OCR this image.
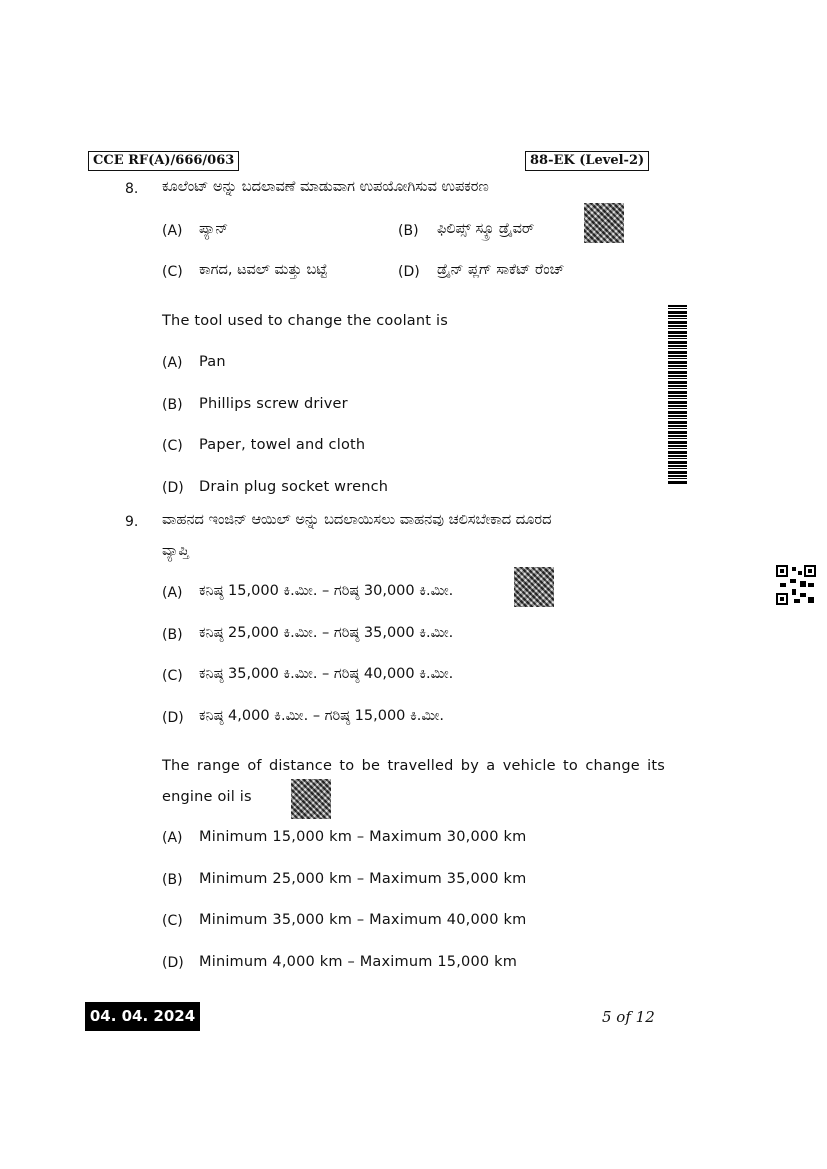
CCE RF(A)/666/063	88-EK (Level-2)
8. ಕೂಲೆಂಟ್ ಅನ್ನು ಬದಲಾವಣೆ ಮಾಡುವಾಗ ಉಪಯೋಗಿಸುವ ಉಪಕರಣ
(A) ಪ್ಯಾನ್	(B) ಫಿಲಿಪ್ಸ್ ಸ್ಕ್ರೂ ಡ್ರೈವರ್
(C) ಕಾಗದ, ಟವಲ್ ಮತ್ತು ಬಟ್ಟೆ	(D) ಡ್ರೈನ್ ಪ್ಲಗ್ ಸಾಕೆಟ್ ರೆಂಚ್
The tool used to change the coolant is
(A) Pan
(B) Phillips screw driver
(C) Paper, towel and cloth
(D) Drain plug socket wrench
9. ವಾಹನದ ಇಂಜಿನ್ ಆಯಿಲ್ ಅನ್ನು ಬದಲಾಯಿಸಲು ವಾಹನವು ಚಲಿಸಬೇಕಾದ ದೂರದ
ವ್ಯಾಪ್ತಿ
(A) ಕನಿಷ್ಠ 15,000 ಕಿ.ಮೀ. – ಗರಿಷ್ಠ 30,000 ಕಿ.ಮೀ.
(B) ಕನಿಷ್ಠ 25,000 ಕಿ.ಮೀ. – ಗರಿಷ್ಠ 35,000 ಕಿ.ಮೀ.
(C) ಕನಿಷ್ಠ 35,000 ಕಿ.ಮೀ. – ಗರಿಷ್ಠ 40,000 ಕಿ.ಮೀ.
(D) ಕನಿಷ್ಠ 4,000 ಕಿ.ಮೀ. – ಗರಿಷ್ಠ 15,000 ಕಿ.ಮೀ.
The range of distance to be travelled by a vehicle to change its
engine oil is
(A) Minimum 15,000 km – Maximum 30,000 km
(B) Minimum 25,000 km – Maximum 35,000 km
(C) Minimum 35,000 km – Maximum 40,000 km
(D) Minimum 4,000 km – Maximum 15,000 km
04. 04. 2024	5 of 12
